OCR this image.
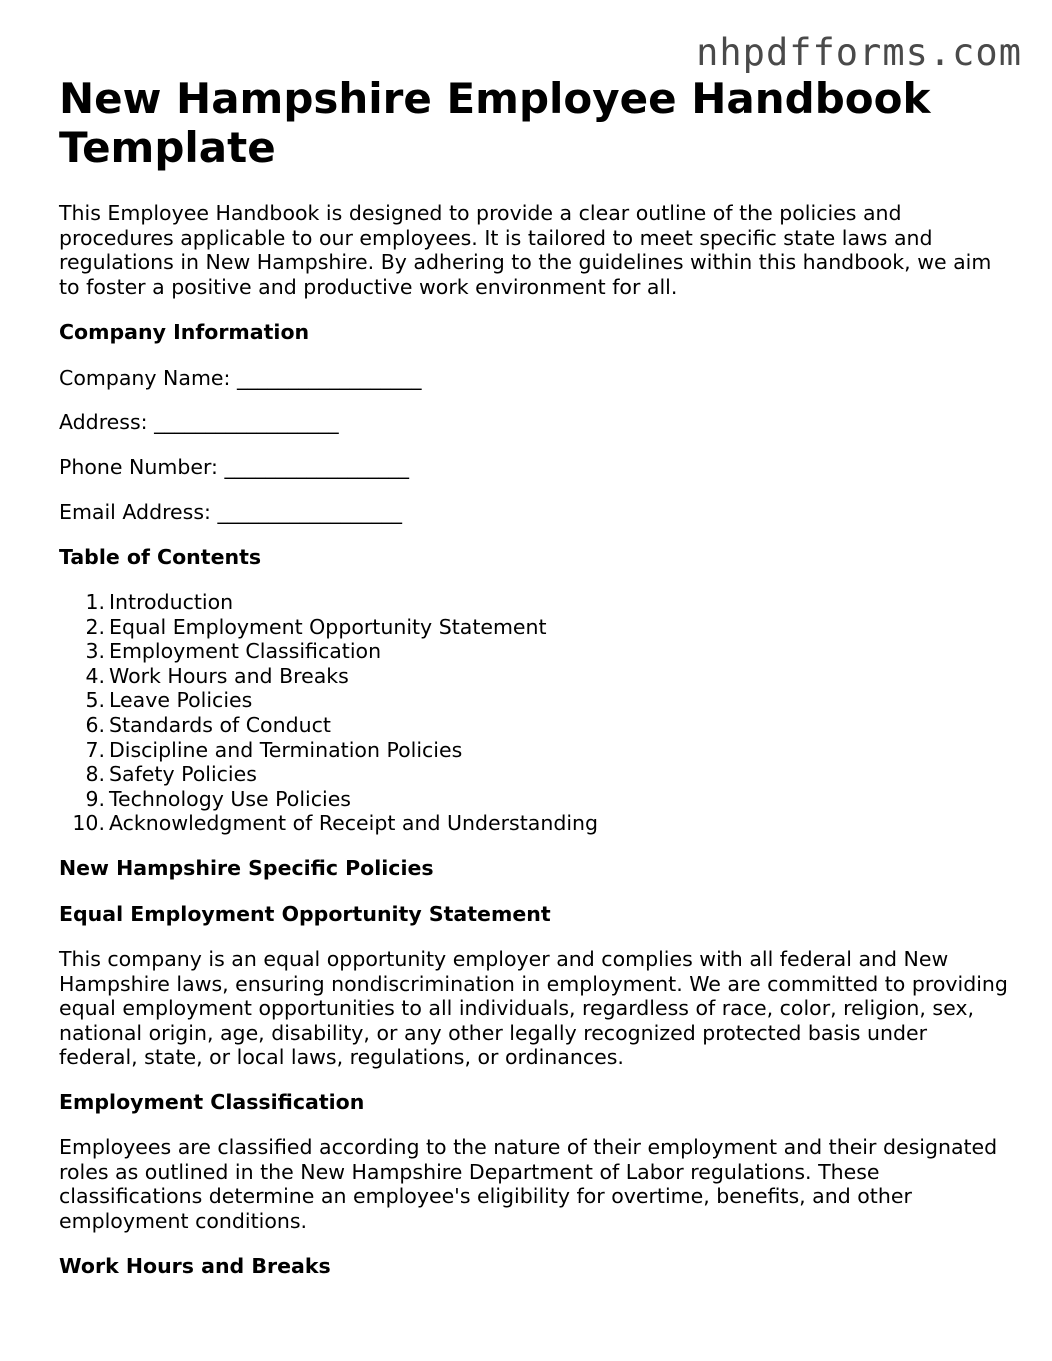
nhpdfforms.com
New Hampshire Employee Handbook Template

This Employee Handbook is designed to provide a clear outline of the policies and procedures applicable to our employees. It is tailored to meet specific state laws and regulations in New Hampshire. By adhering to the guidelines within this handbook, we aim to foster a positive and productive work environment for all.

Company Information
Company Name: __________________
Address: __________________
Phone Number: __________________
Email Address: __________________
Table of Contents
1. Introduction
2. Equal Employment Opportunity Statement
3. Employment Classification
4. Work Hours and Breaks
5. Leave Policies
6. Standards of Conduct
7. Discipline and Termination Policies
8. Safety Policies
9. Technology Use Policies
10. Acknowledgment of Receipt and Understanding
New Hampshire Specific Policies
Equal Employment Opportunity Statement

This company is an equal opportunity employer and complies with all federal and New Hampshire laws, ensuring nondiscrimination in employment. We are committed to providing equal employment opportunities to all individuals, regardless of race, color, religion, sex, national origin, age, disability, or any other legally recognized protected basis under federal, state, or local laws, regulations, or ordinances.

Employment Classification

Employees are classified according to the nature of their employment and their designated roles as outlined in the New Hampshire Department of Labor regulations. These classifications determine an employee's eligibility for overtime, benefits, and other employment conditions.

Work Hours and Breaks
